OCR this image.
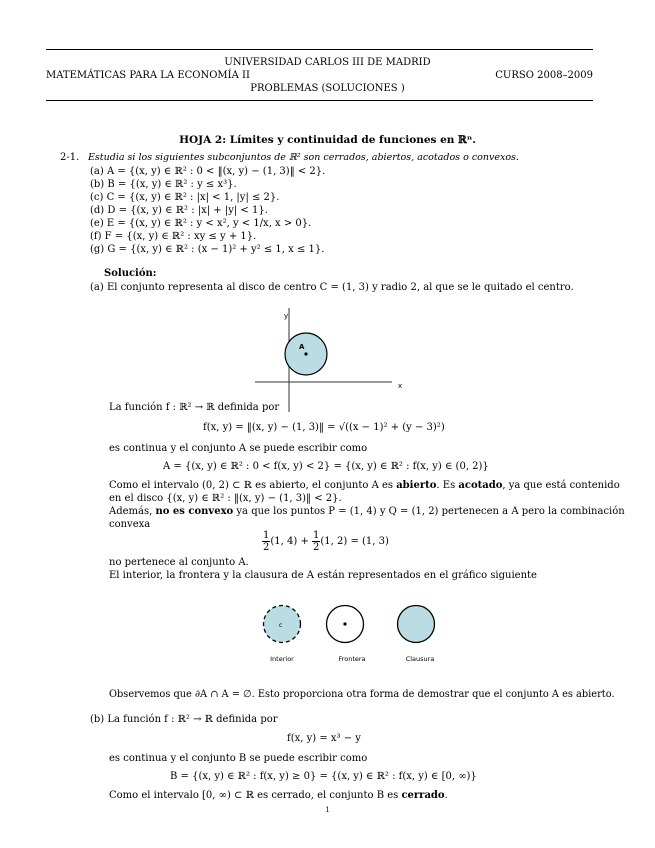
UNIVERSIDAD CARLOS III DE MADRID
MATEMÁTICAS PARA LA ECONOMÍA II	CURSO 2008–2009
PROBLEMAS (SOLUCIONES )
HOJA 2: Límites y continuidad de funciones en ℝⁿ.
2-1. Estudia si los siguientes subconjuntos de ℝ² son cerrados, abiertos, acotados o convexos.
(a) A = {(x, y) ∈ ℝ² : 0 < ‖(x, y) − (1, 3)‖ < 2}.
(b) B = {(x, y) ∈ ℝ² : y ≤ x³}.
(c) C = {(x, y) ∈ ℝ² : |x| < 1, |y| ≤ 2}.
(d) D = {(x, y) ∈ ℝ² : |x| + |y| < 1}.
(e) E = {(x, y) ∈ ℝ² : y < x², y < 1/x, x > 0}.
(f) F = {(x, y) ∈ ℝ² : xy ≤ y + 1}.
(g) G = {(x, y) ∈ ℝ² : (x − 1)² + y² ≤ 1, x ≤ 1}.
Solución:
(a) El conjunto representa al disco de centro C = (1, 3) y radio 2, al que se le quitado el centro.
y
x
A
La función f : ℝ² → ℝ definida por
f(x, y) = ‖(x, y) − (1, 3)‖ = √((x − 1)² + (y − 3)²)
es continua y el conjunto A se puede escribir como
A = {(x, y) ∈ ℝ² : 0 < f(x, y) < 2} = {(x, y) ∈ ℝ² : f(x, y) ∈ (0, 2)}
Como el intervalo (0, 2) ⊂ ℝ es abierto, el conjunto A es abierto. Es acotado, ya que está contenido
en el disco {(x, y) ∈ ℝ² : ‖(x, y) − (1, 3)‖ < 2}.
Además, no es convexo ya que los puntos P = (1, 4) y Q = (1, 2) pertenecen a A pero la combinación
convexa
$\frac{1}{2} (1$, $4) + \frac{1}{2} (1$, 2) = (1, 3)
no pertenece al conjunto A.
El interior, la frontera y la clausura de A están representados en el gráfico siguiente
c
Interior	Frontera	Clausura
Observemos que ∂A ∩ A = ∅. Esto proporciona otra forma de demostrar que el conjunto A es abierto.
(b) La función f : ℝ² → ℝ definida por
f(x, y) = x³ − y
es continua y el conjunto B se puede escribir como
B = {(x, y) ∈ ℝ² : f(x, y) ≥ 0} = {(x, y) ∈ ℝ² : f(x, y) ∈ [0, ∞)}
Como el intervalo [0, ∞) ⊂ ℝ es cerrado, el conjunto B es cerrado.
1
